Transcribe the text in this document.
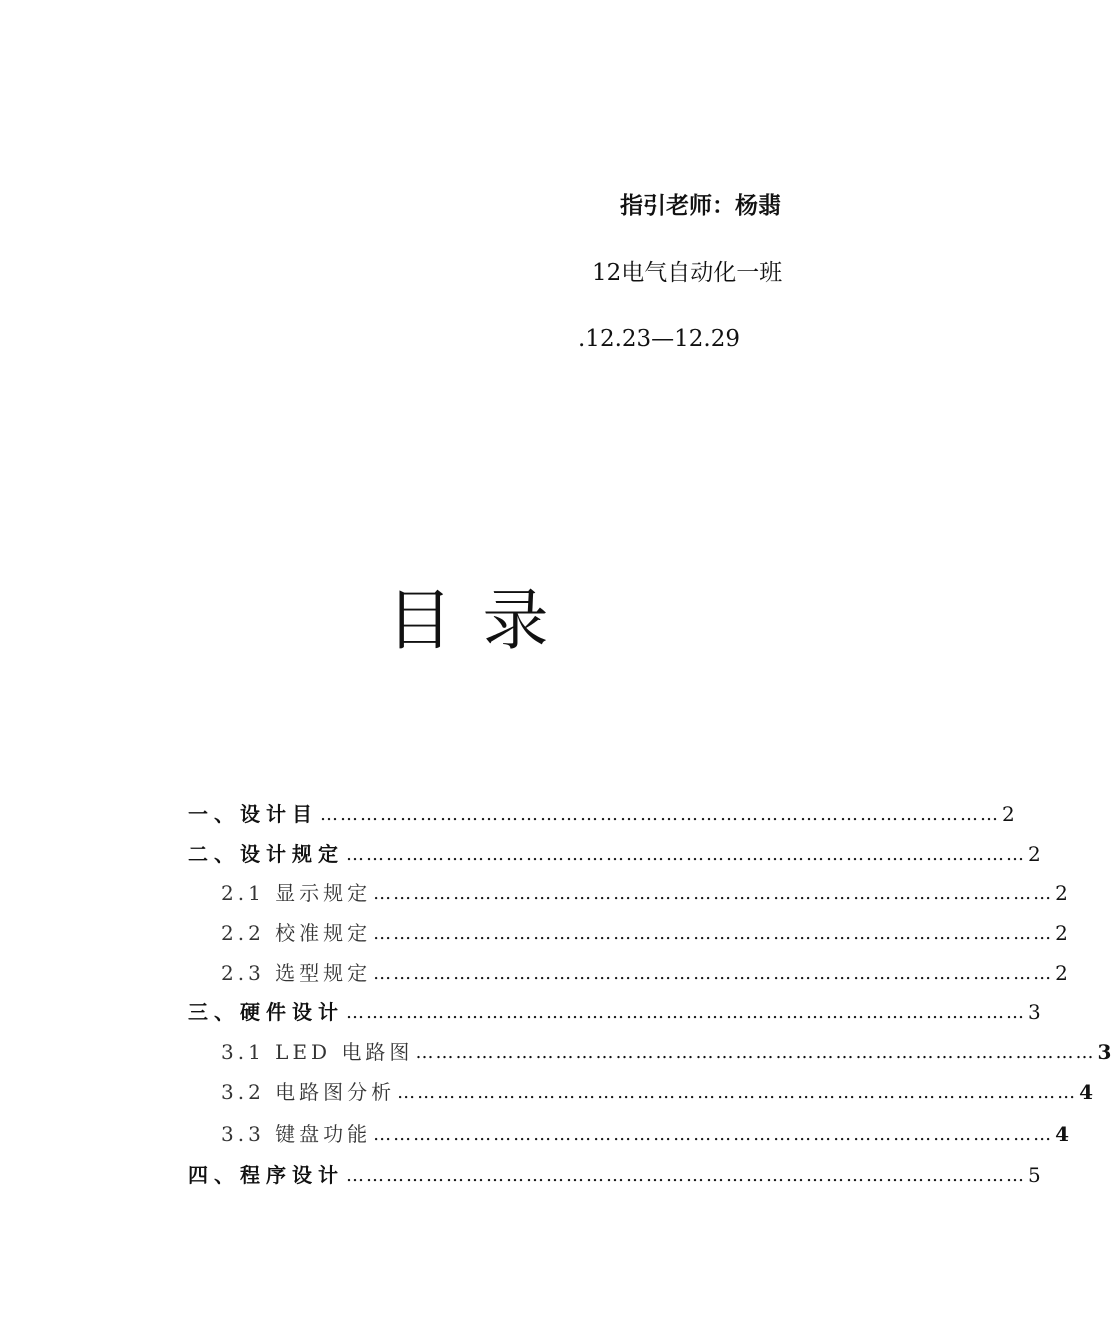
指引老师：杨翡
12电气自动化一班
.12.23—12.29
目录
一、设计目 ………………………………………………………………………………………… 2
二、设计规定 ………………………………………………………………………………………… 2
2.1 显示规定 ………………………………………………………………………………………… 2
2.2 校准规定 ………………………………………………………………………………………… 2
2.3 选型规定 ………………………………………………………………………………………… 2
三、硬件设计 ………………………………………………………………………………………… 3
3.1 LED 电路图 ………………………………………………………………………………………… 3
3.2 电路图分析 ………………………………………………………………………………………… 4
3.3 键盘功能 ………………………………………………………………………………………… 4
四、程序设计 ………………………………………………………………………………………… 5
